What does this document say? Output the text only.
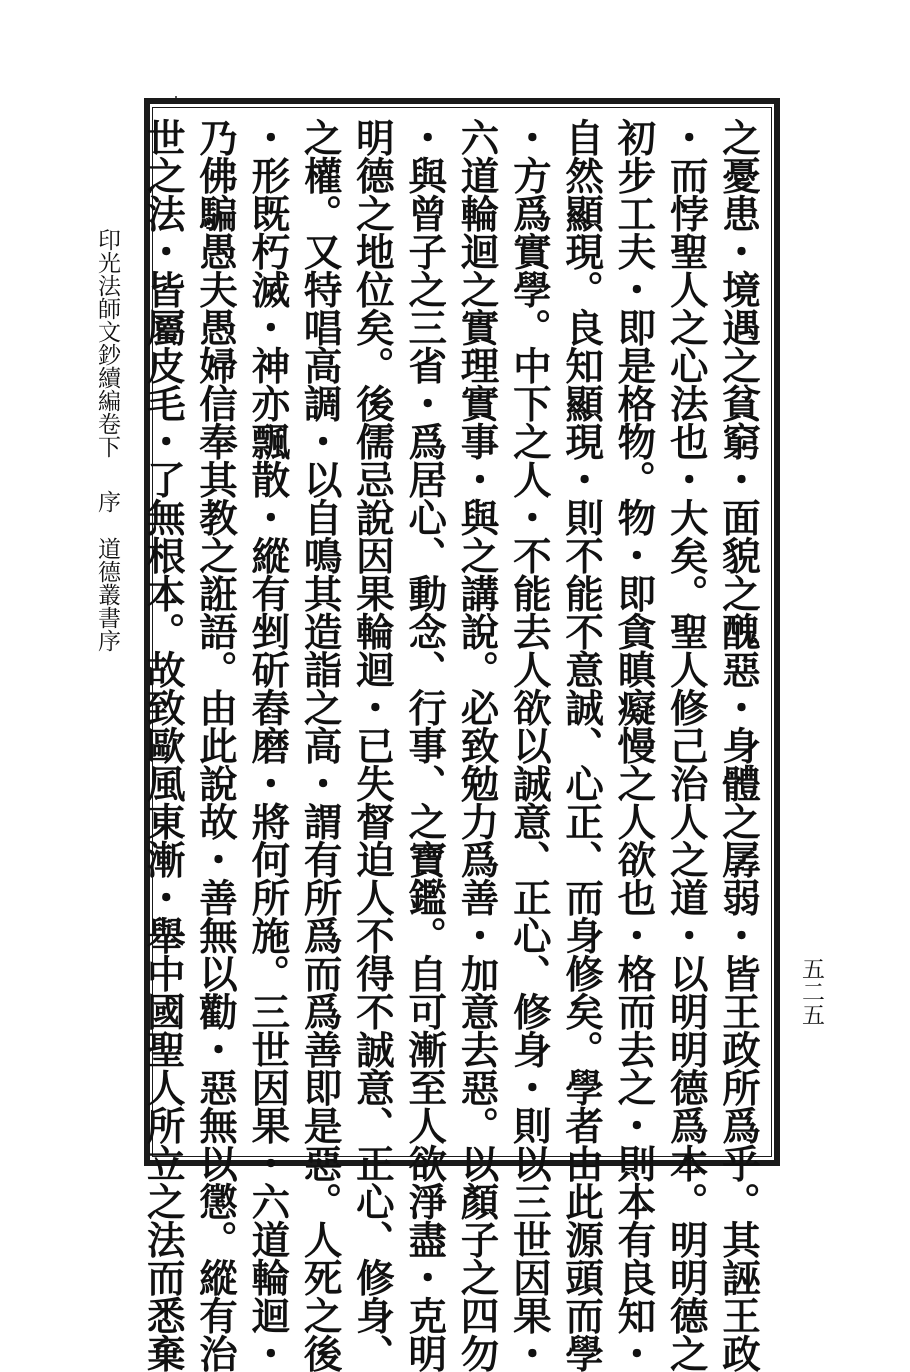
印光法師文鈔續編卷下序道德叢書序	之憂患・境遇之貧窮・面貌之醜惡・身體之孱弱・皆王政所爲乎。其誣王政
・而悖聖人之心法也・大矣。聖人修己治人之道・以明明德爲本。明明德之
初步工夫・即是格物。物・即貪瞋癡慢之人欲也・格而去之・則本有良知・
自然顯現。良知顯現・則不能不意誠、心正、而身修矣。學者由此源頭而學
・方爲實學。中下之人・不能去人欲以誠意、正心、修身・則以三世因果・
六道輪迴之實理實事・與之講說。必致勉力爲善・加意去惡。以顏子之四勿
・與曾子之三省・爲居心、動念、行事、之寶鑑。自可漸至人欲淨盡・克明
明德之地位矣。後儒忌說因果輪迴・已失督迫人不得不誠意、正心、修身、
之權。又特唱高調・以自鳴其造詣之高・謂有所爲而爲善即是惡。人死之後
・形既朽滅・神亦飄散・縱有剉斫舂磨・將何所施。三世因果・六道輪迴・
乃佛騙愚夫愚婦信奉其教之誑語。由此說故・善無以勸・惡無以懲。縱有治
世之法・皆屬皮毛・了無根本。故致歐風東漸・舉中國聖人所立之法而悉棄	五二五
